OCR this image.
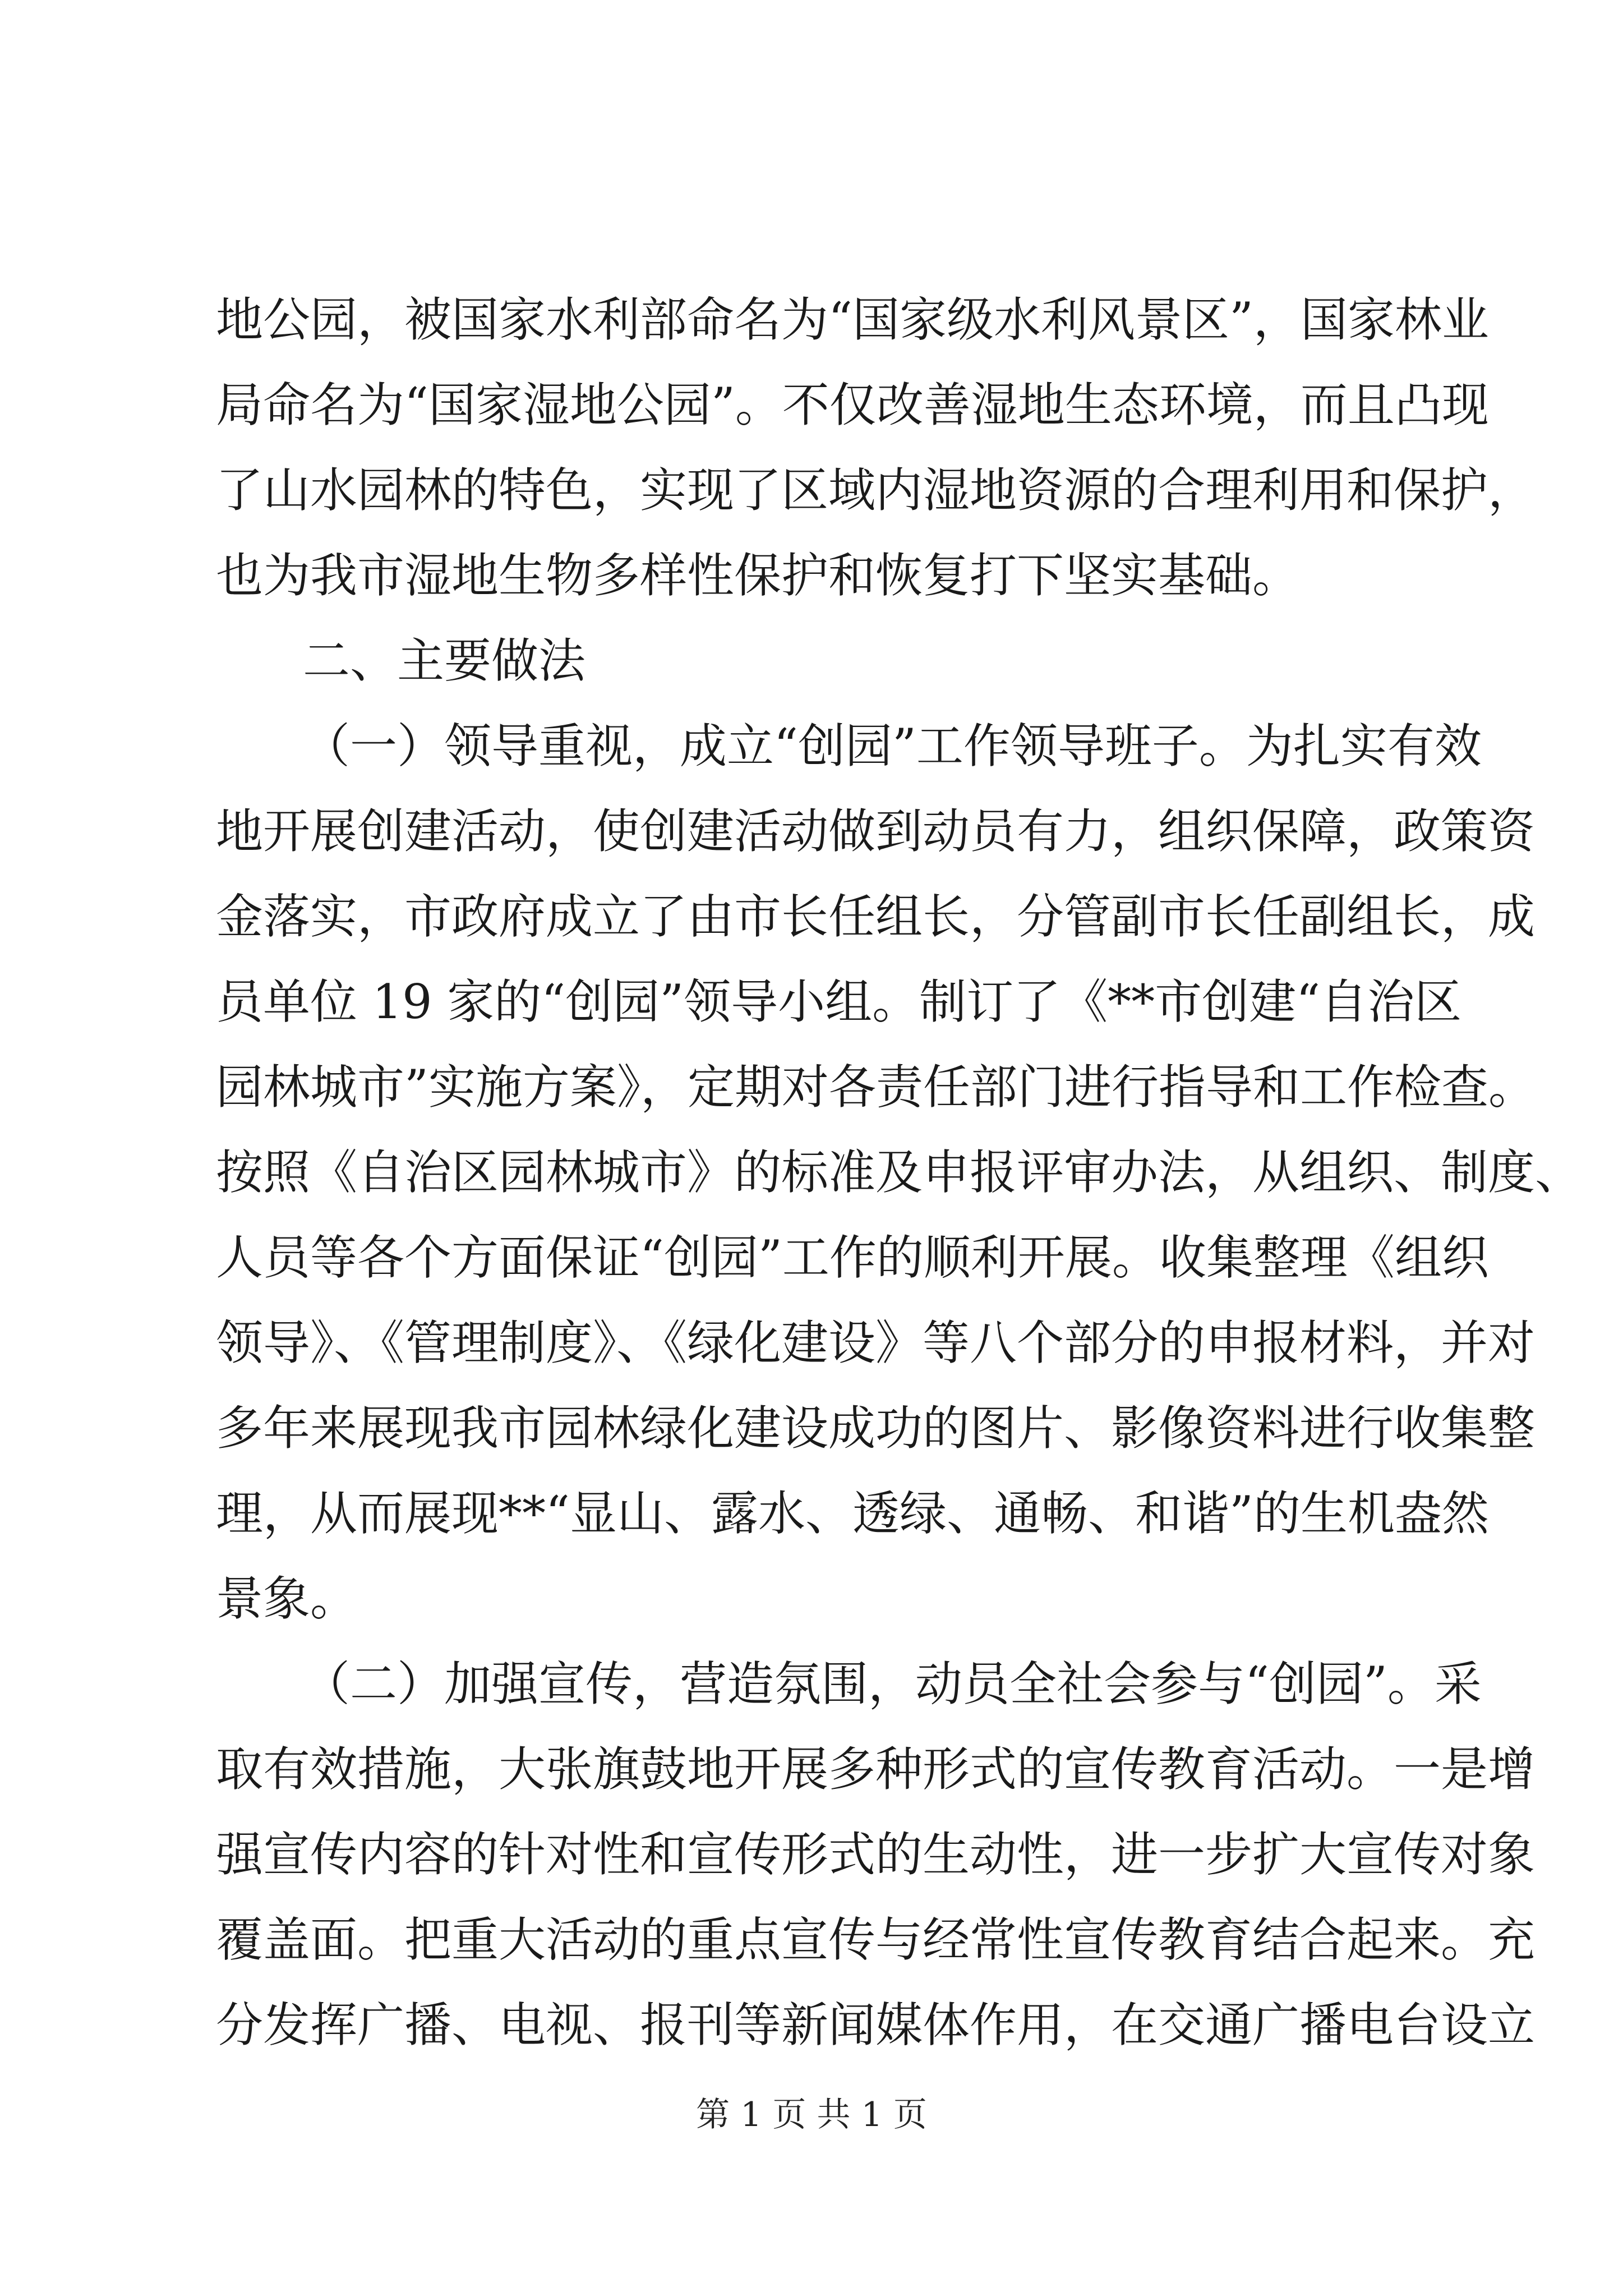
地公园，被国家水利部命名为“国家级水利风景区”，国家林业
局命名为“国家湿地公园”。不仅改善湿地生态环境，而且凸现
了山水园林的特色，实现了区域内湿地资源的合理利用和保护，
也为我市湿地生物多样性保护和恢复打下坚实基础。
二、主要做法
（一）领导重视，成立“创园”工作领导班子。为扎实有效
地开展创建活动，使创建活动做到动员有力，组织保障，政策资
金落实，市政府成立了由市长任组长，分管副市长任副组长，成
员单位 19 家的“创园”领导小组。制订了《**市创建“自治区
园林城市”实施方案》，定期对各责任部门进行指导和工作检查。
按照《自治区园林城市》的标准及申报评审办法，从组织、制度、
人员等各个方面保证“创园”工作的顺利开展。收集整理《组织
领导》、《管理制度》、《绿化建设》等八个部分的申报材料，并对
多年来展现我市园林绿化建设成功的图片、影像资料进行收集整
理，从而展现**“显山、露水、透绿、通畅、和谐”的生机盎然
景象。
（二）加强宣传，营造氛围，动员全社会参与“创园”。采
取有效措施，大张旗鼓地开展多种形式的宣传教育活动。一是增
强宣传内容的针对性和宣传形式的生动性，进一步扩大宣传对象
覆盖面。把重大活动的重点宣传与经常性宣传教育结合起来。充
分发挥广播、电视、报刊等新闻媒体作用，在交通广播电台设立
第 1 页 共 1 页
